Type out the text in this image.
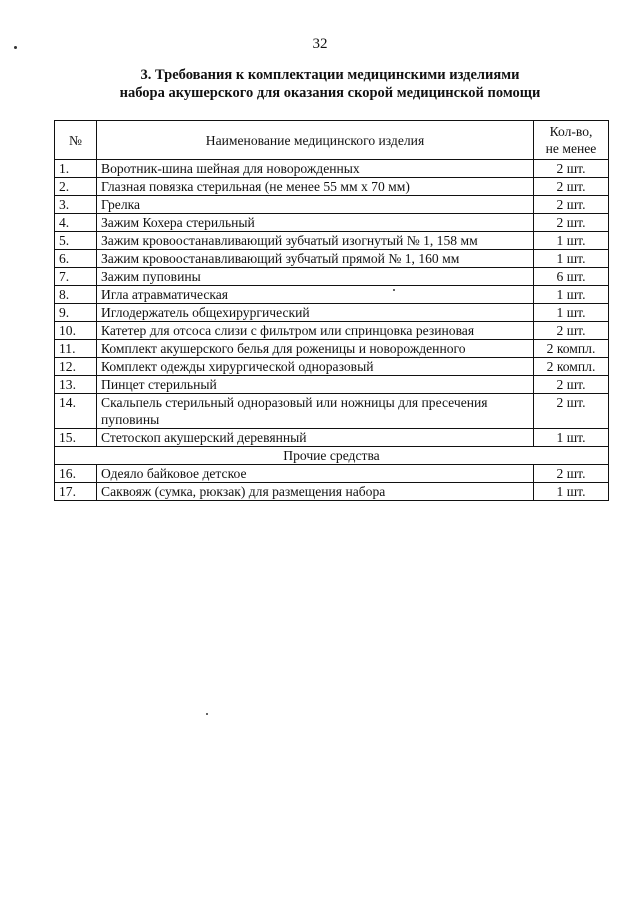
32
3. Требования к комплектации медицинскими изделиями
набора акушерского для оказания скорой медицинской помощи
№	Наименование медицинского изделия	Кол-во,
не менее

1.	Воротник-шина шейная для новорожденных	2 шт.
2.	Глазная повязка стерильная (не менее 55 мм х 70 мм)	2 шт.
3.	Грелка	2 шт.
4.	Зажим Кохера стерильный	2 шт.
5.	Зажим кровоостанавливающий зубчатый изогнутый № 1, 158 мм	1 шт.
6.	Зажим кровоостанавливающий зубчатый прямой № 1, 160 мм	1 шт.
7.	Зажим пуповины	6 шт.
8.	Игла атравматическая	1 шт.
9.	Иглодержатель общехирургический	1 шт.
10.	Катетер для отсоса слизи с фильтром или спринцовка резиновая	2 шт.
11.	Комплект акушерского белья для роженицы и новорожденного	2 компл.
12.	Комплект одежды хирургической одноразовый	2 компл.
13.	Пинцет стерильный	2 шт.
14.	Скальпель стерильный одноразовый или ножницы для пресечения пуповины	2 шт.
15.	Стетоскоп акушерский деревянный	1 шт.
Прочие средства		
16.	Одеяло байковое детское	2 шт.
17.	Саквояж (сумка, рюкзак) для размещения набора	1 шт.
